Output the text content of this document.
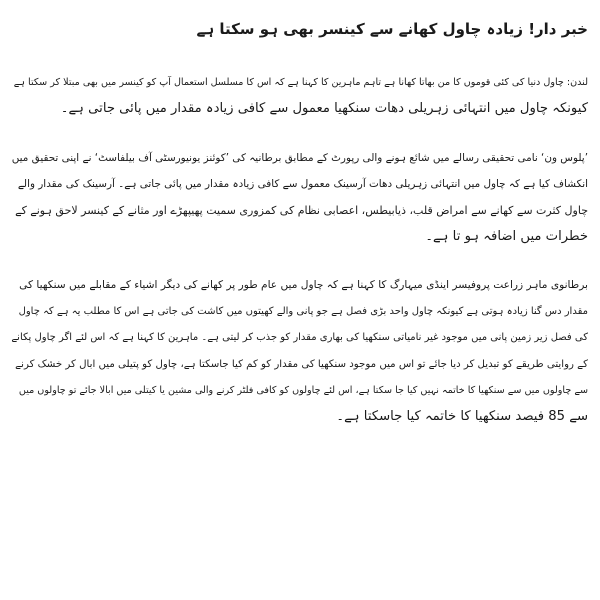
خبر دار! زیادہ چاول کھانے سے کینسر بھی ہو سکتا ہے

لندن: چاول دنیا کی کئی قوموں کا من بھاتا کھانا ہے تاہم ماہرین کا کہنا ہے کہ اس کا مسلسل استعمال آپ کو کینسر میں بھی مبتلا کر سکتا ہے
کیونکہ چاول میں انتہائی زہریلی دھات سنکھیا معمول سے کافی زیادہ مقدار میں پائی جاتی ہے۔

’پلوس ون‘ نامی تحقیقی رسالے میں شائع ہونے والی رپورٹ کے مطابق برطانیہ کی ’کوئنز یونیورسٹی آف بیلفاسٹ‘ نے اپنی تحقیق میں
انکشاف کیا ہے کہ چاول میں انتہائی زہریلی دھات آرسینک معمول سے کافی زیادہ مقدار میں پائی جاتی ہے۔ آرسینک کی مقدار والے
چاول کثرت سے کھانے سے امراض قلب، ذیابیطس، اعصابی نظام کی کمزوری سمیت پھیپھڑے اور مثانے کے کینسر لاحق ہونے کے
خطرات میں اضافہ ہو تا ہے۔

برطانوی ماہر زراعت پروفیسر اینڈی میہارگ کا کہنا ہے کہ چاول میں عام طور پر کھانے کی دیگر اشیاء کے مقابلے میں سنکھیا کی
مقدار دس گنا زیادہ ہوتی ہے کیونکہ چاول واحد بڑی فصل ہے جو پانی والے کھیتوں میں کاشت کی جاتی ہے اس کا مطلب یہ ہے کہ چاول
کی فصل زیر زمین پانی میں موجود غیر نامیاتی سنکھیا کی بھاری مقدار کو جذب کر لیتی ہے۔ ماہرین کا کہنا ہے کہ اس لئے اگر چاول پکانے
کے روایتی طریقے کو تبدیل کر دیا جائے تو اس میں موجود سنکھیا کی مقدار کو کم کیا جاسکتا ہے، چاول کو پتیلی میں ابال کر خشک کرنے
سے چاولوں میں سے سنکھیا کا خاتمہ نہیں کیا جا سکتا ہے، اس لئے چاولوں کو کافی فلٹر کرنے والی مشین یا کیتلی میں ابالا جائے تو چاولوں میں
سے 85 فیصد سنکھیا کا خاتمہ کیا جاسکتا ہے۔
